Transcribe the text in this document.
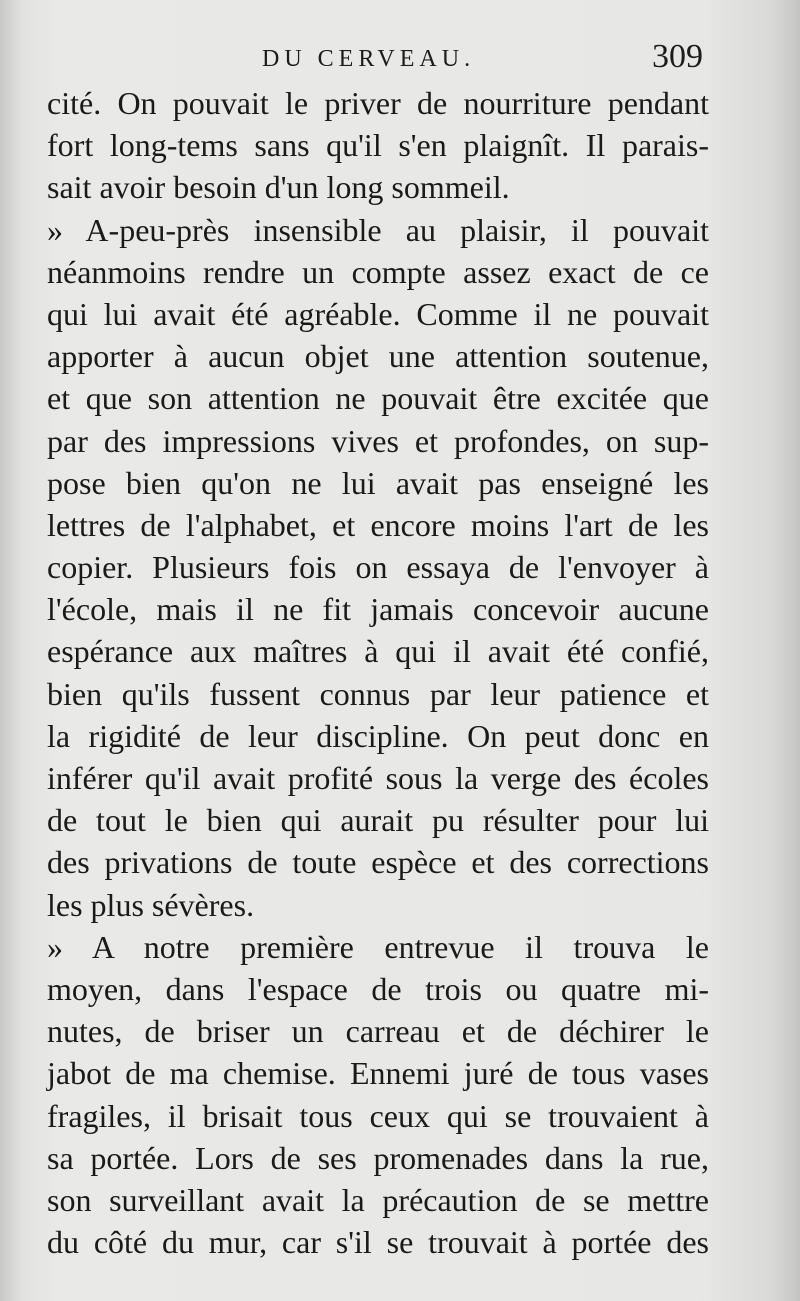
DU CERVEAU.	309
cité. On pouvait le priver de nourriture pendant
fort long-tems sans qu'il s'en plaignît. Il parais-
sait avoir besoin d'un long sommeil.
» A-peu-près insensible au plaisir, il pouvait
néanmoins rendre un compte assez exact de ce
qui lui avait été agréable. Comme il ne pouvait
apporter à aucun objet une attention soutenue,
et que son attention ne pouvait être excitée que
par des impressions vives et profondes, on sup-
pose bien qu'on ne lui avait pas enseigné les
lettres de l'alphabet, et encore moins l'art de les
copier. Plusieurs fois on essaya de l'envoyer à
l'école, mais il ne fit jamais concevoir aucune
espérance aux maîtres à qui il avait été confié,
bien qu'ils fussent connus par leur patience et
la rigidité de leur discipline. On peut donc en
inférer qu'il avait profité sous la verge des écoles
de tout le bien qui aurait pu résulter pour lui
des privations de toute espèce et des corrections
les plus sévères.
» A notre première entrevue il trouva le
moyen, dans l'espace de trois ou quatre mi-
nutes, de briser un carreau et de déchirer le
jabot de ma chemise. Ennemi juré de tous vases
fragiles, il brisait tous ceux qui se trouvaient à
sa portée. Lors de ses promenades dans la rue,
son surveillant avait la précaution de se mettre
du côté du mur, car s'il se trouvait à portée des
